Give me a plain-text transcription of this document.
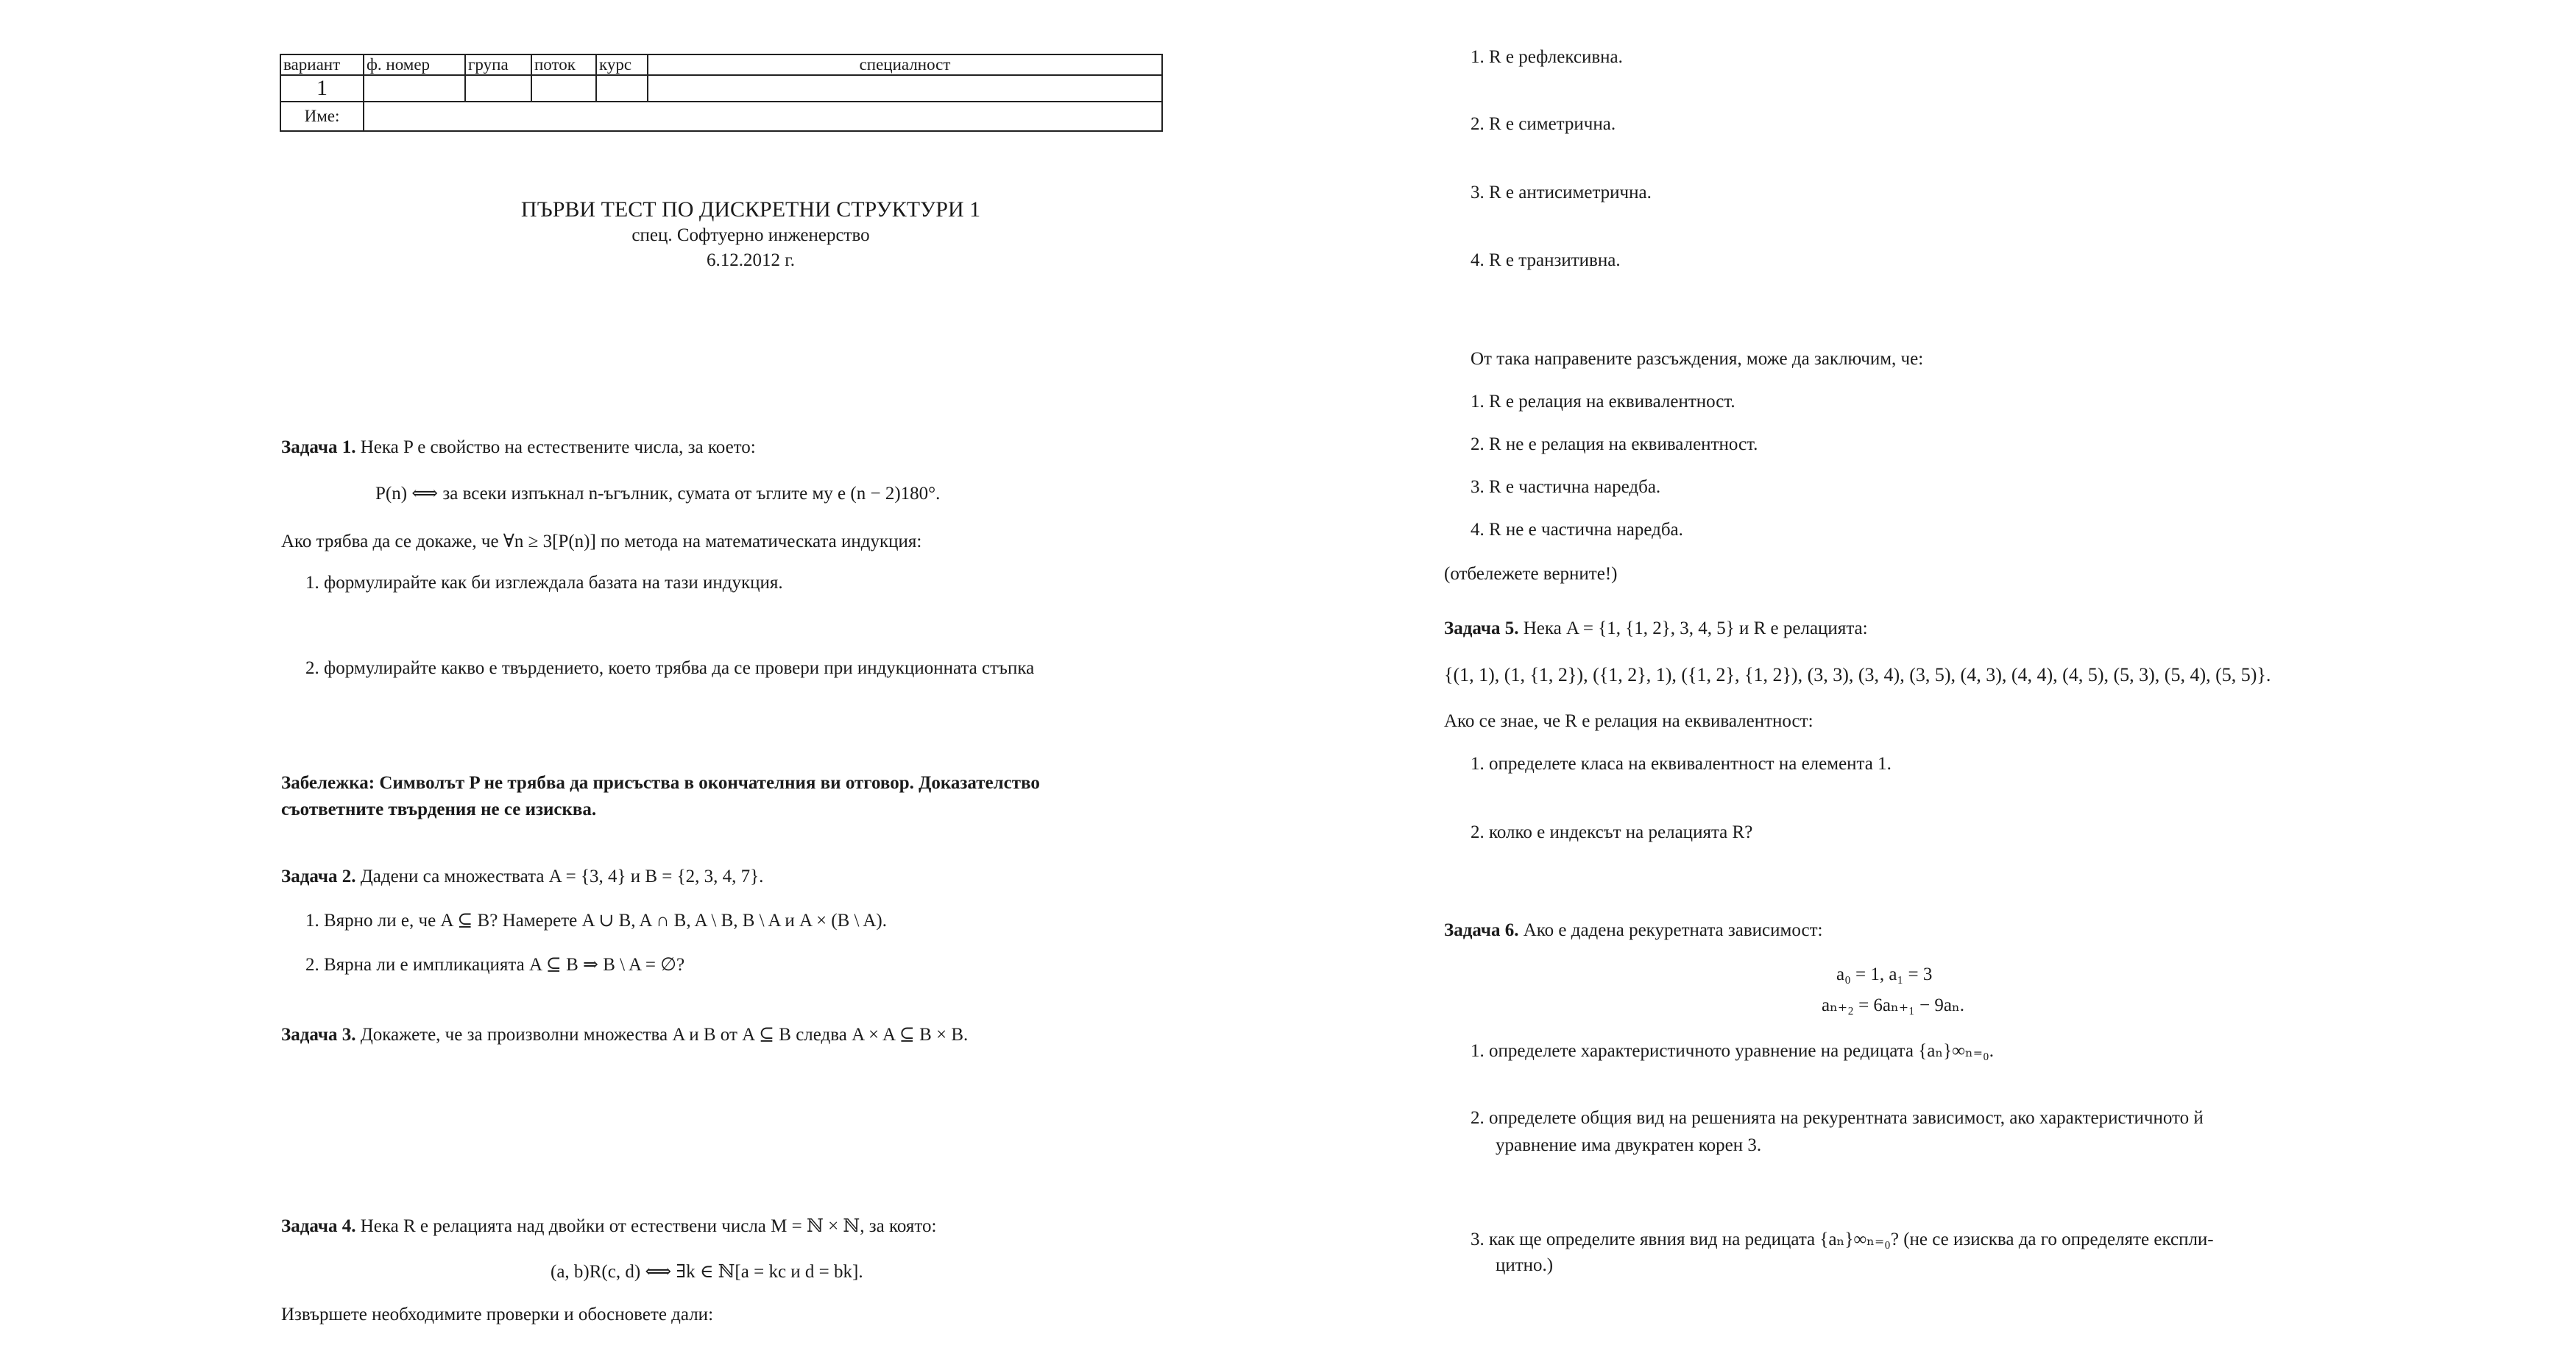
вариант	ф. номер	група	поток	курс	специалност
1					
Име:					
ПЪРВИ ТЕСТ ПО ДИСКРЕТНИ СТРУКТУРИ 1
спец. Софтуерно инженерство
6.12.2012 г.
Задача 1. Нека P е свойство на естествените числа, за което:
P(n) ⟺ за всеки изпъкнал n-ъгълник, сумата от ъглите му е (n − 2)180°.
Ако трябва да се докаже, че ∀n ≥ 3[P(n)] по метода на математическата индукция:
1. формулирайте как би изглеждала базата на тази индукция.
2. формулирайте какво е твърдението, което трябва да се провери при индукционната стъпка
Забележка: Символът P не трябва да присъства в окончателния ви отговор. Доказателство
съответните твърдения не се изисква.
Задача 2. Дадени са множествата A = {3, 4} и B = {2, 3, 4, 7}.
1. Вярно ли е, че A ⊆ B? Намерете A ∪ B, A ∩ B, A \ B, B \ A и A × (B \ A).
2. Вярна ли е импликацията A ⊆ B ⇒ B \ A = ∅?
Задача 3. Докажете, че за произволни множества A и B от A ⊆ B следва A × A ⊆ B × B.
Задача 4. Нека R е релацията над двойки от естествени числа M = ℕ × ℕ, за която:
(a, b)R(c, d) ⟺ ∃k ∈ ℕ[a = kc и d = bk].
Извършете необходимите проверки и обосновете дали:
1. R е рефлексивна.
2. R е симетрична.
3. R е антисиметрична.
4. R е транзитивна.
От така направените разсъждения, може да заключим, че:
1. R е релация на еквивалентност.
2. R не е релация на еквивалентност.
3. R е частична наредба.
4. R не е частична наредба.
(отбележете верните!)
Задача 5. Нека A = {1, {1, 2}, 3, 4, 5} и R е релацията:
{(1, 1), (1, {1, 2}), ({1, 2}, 1), ({1, 2}, {1, 2}), (3, 3), (3, 4), (3, 5), (4, 3), (4, 4), (4, 5), (5, 3), (5, 4), (5, 5)}.
Ако се знае, че R е релация на еквивалентност:
1. определете класа на еквивалентност на елемента 1.
2. колко е индексът на релацията R?
Задача 6. Ако е дадена рекуретната зависимост:
a₀ = 1, a₁ = 3
aₙ₊₂ = 6aₙ₊₁ − 9aₙ.
1. определете характеристичното уравнение на редицата {aₙ}∞ₙ₌₀.
2. определете общия вид на решенията на рекурентната зависимост, ако характеристичното й
уравнение има двукратен корен 3.
3. как ще определите явния вид на редицата {aₙ}∞ₙ₌₀? (не се изисква да го определяте експли-
цитно.)
